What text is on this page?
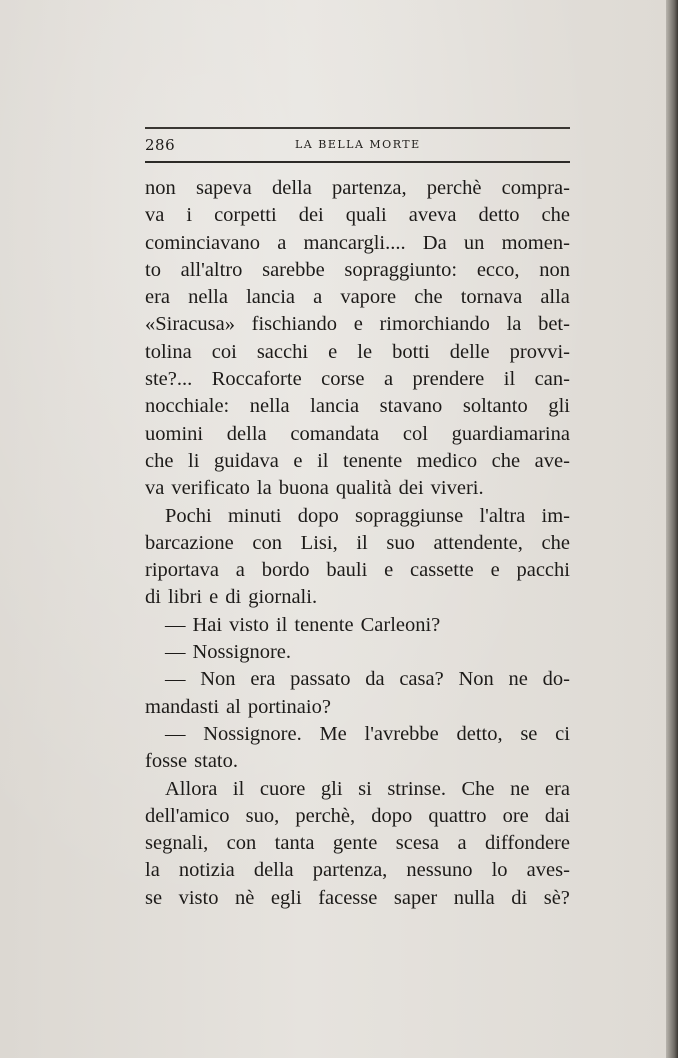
286	LA BELLA MORTE
non sapeva della partenza, perchè compra-
va i corpetti dei quali aveva detto che
cominciavano a mancargli.... Da un momen-
to all'altro sarebbe sopraggiunto: ecco, non
era nella lancia a vapore che tornava alla
«Siracusa» fischiando e rimorchiando la bet-
tolina coi sacchi e le botti delle provvi-
ste?... Roccaforte corse a prendere il can-
nocchiale: nella lancia stavano soltanto gli
uomini della comandata col guardiamarina
che li guidava e il tenente medico che ave-
va verificato la buona qualità dei viveri.
Pochi minuti dopo sopraggiunse l'altra im-
barcazione con Lisi, il suo attendente, che
riportava a bordo bauli e cassette e pacchi
di libri e di giornali.
— Hai visto il tenente Carleoni?
— Nossignore.
— Non era passato da casa? Non ne do-
mandasti al portinaio?
— Nossignore. Me l'avrebbe detto, se ci
fosse stato.
Allora il cuore gli si strinse. Che ne era
dell'amico suo, perchè, dopo quattro ore dai
segnali, con tanta gente scesa a diffondere
la notizia della partenza, nessuno lo aves-
se visto nè egli facesse saper nulla di sè?
